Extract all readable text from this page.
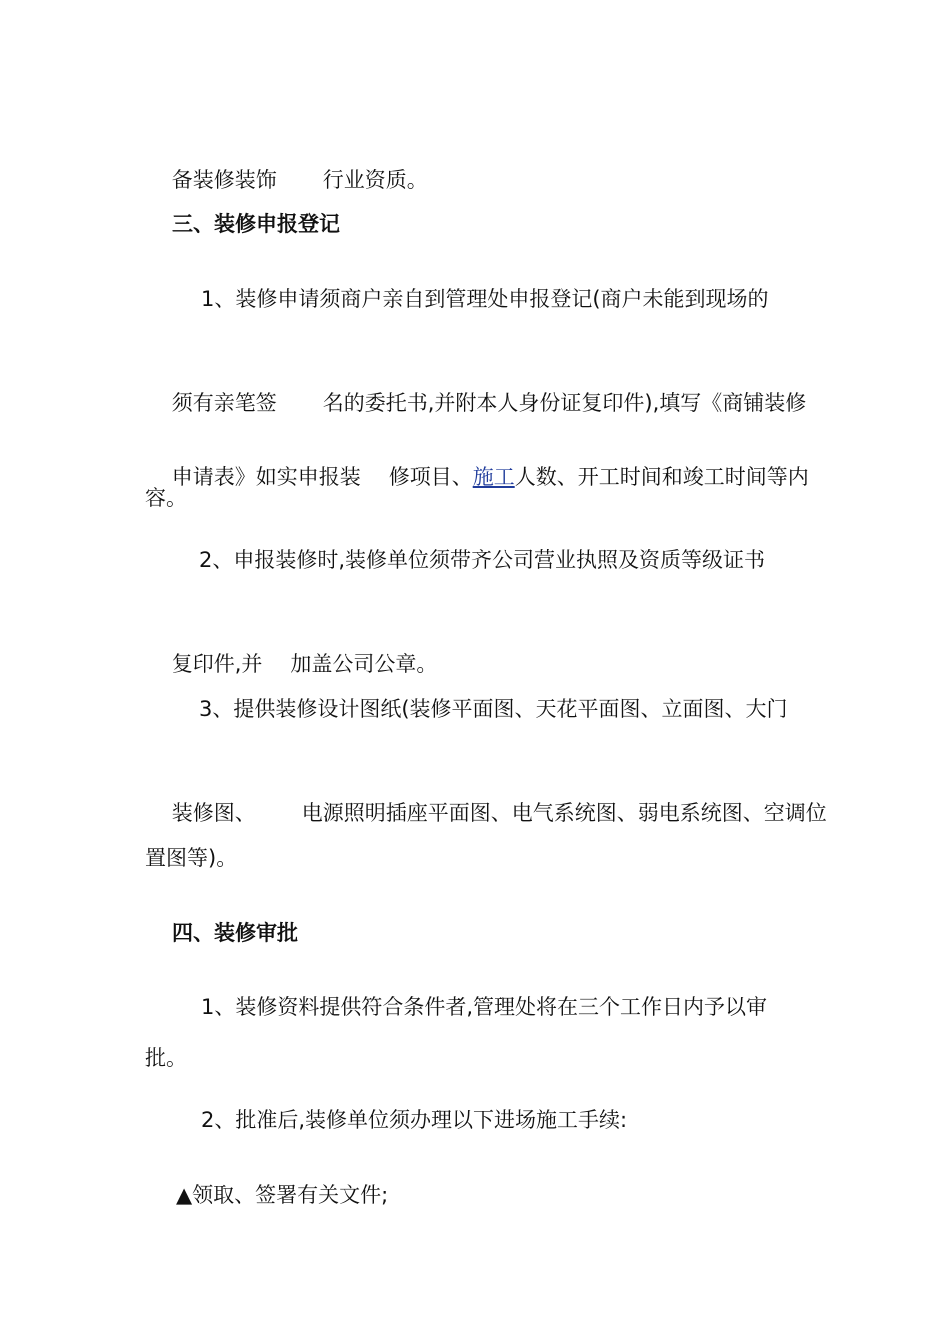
备装修装饰 行业资质。

三、装修申报登记
1、装修申请须商户亲自到管理处申报登记(商户未能到现场的

须有亲笔签 名的委托书,并附本人身份证复印件),填写《商铺装修

申请表》如实申报装 修项目、施工人数、开工时间和竣工时间等内

容。
2、申报装修时,装修单位须带齐公司营业执照及资质等级证书

复印件,并 加盖公司公章。

3、提供装修设计图纸(装修平面图、天花平面图、立面图、大门

装修图、 电源照明插座平面图、电气系统图、弱电系统图、空调位

置图等)。
四、装修审批
1、装修资料提供符合条件者,管理处将在三个工作日内予以审
批。
2、批准后,装修单位须办理以下进场施工手续:
▲领取、签署有关文件;
